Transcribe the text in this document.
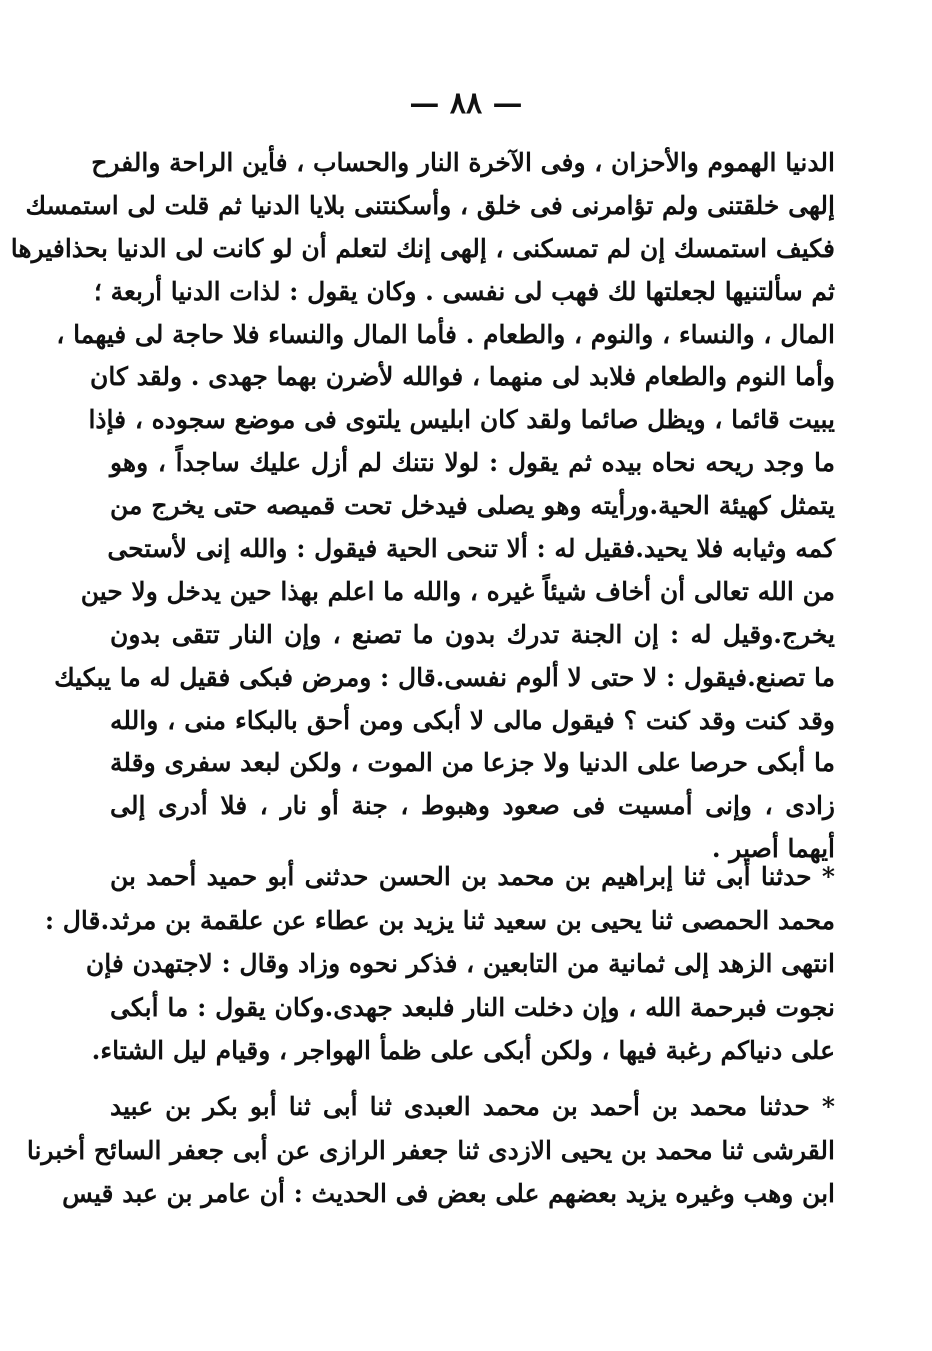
— ٨٨ —
الدنيا الهموم والأحزان ، وفى الآخرة النار والحساب ، فأين الراحة والفرح
إلهى خلقتنى ولم تؤامرنى فى خلق ، وأسكنتنى بلايا الدنيا ثم قلت لى استمسك
فكيف استمسك إن لم تمسكنى ، إلهى إنك لتعلم أن لو كانت لى الدنيا بحذافيرها
ثم سألتنيها لجعلتها لك فهب لى نفسى . وكان يقول : لذات الدنيا أربعة ؛
المال ، والنساء ، والنوم ، والطعام . فأما المال والنساء فلا حاجة لى فيهما ،
وأما النوم والطعام فلابد لى منهما ، فوالله لأضرن بهما جهدى . ولقد كان
يبيت قائما ، ويظل صائما ولقد كان ابليس يلتوى فى موضع سجوده ، فإذا
ما وجد ريحه نحاه بيده ثم يقول : لولا نتنك لم أزل عليك ساجداً ، وهو
يتمثل كهيئة الحية.ورأيته وهو يصلى فيدخل تحت قميصه حتى يخرج من
كمه وثيابه فلا يحيد.فقيل له : ألا تنحى الحية فيقول : والله إنى لأستحى
من الله تعالى أن أخاف شيئاً غيره ، والله ما اعلم بهذا حين يدخل ولا حين
يخرج.وقيل له : إن الجنة تدرك بدون ما تصنع ، وإن النار تتقى بدون
ما تصنع.فيقول : لا حتى لا ألوم نفسى.قال : ومرض فبكى فقيل له ما يبكيك
وقد كنت وقد كنت ؟ فيقول مالى لا أبكى ومن أحق بالبكاء منى ، والله
ما أبكى حرصا على الدنيا ولا جزعا من الموت ، ولكن لبعد سفرى وقلة
زادى ، وإنى أمسيت فى صعود وهبوط ، جنة أو نار ، فلا أدرى إلى
أيهما أصير .
* حدثنا أبى ثنا إبراهيم بن محمد بن الحسن حدثنى أبو حميد أحمد بن
محمد الحمصى ثنا يحيى بن سعيد ثنا يزيد بن عطاء عن علقمة بن مرثد.قال :
انتهى الزهد إلى ثمانية من التابعين ، فذكر نحوه وزاد وقال : لاجتهدن فإن
نجوت فبرحمة الله ، وإن دخلت النار فلبعد جهدى.وكان يقول : ما أبكى
على دنياكم رغبة فيها ، ولكن أبكى على ظمأ الهواجر ، وقيام ليل الشتاء.
* حدثنا محمد بن أحمد بن محمد العبدى ثنا أبى ثنا أبو بكر بن عبيد
القرشى ثنا محمد بن يحيى الازدى ثنا جعفر الرازى عن أبى جعفر السائح أخبرنا
ابن وهب وغيره يزيد بعضهم على بعض فى الحديث : أن عامر بن عبد قيس
